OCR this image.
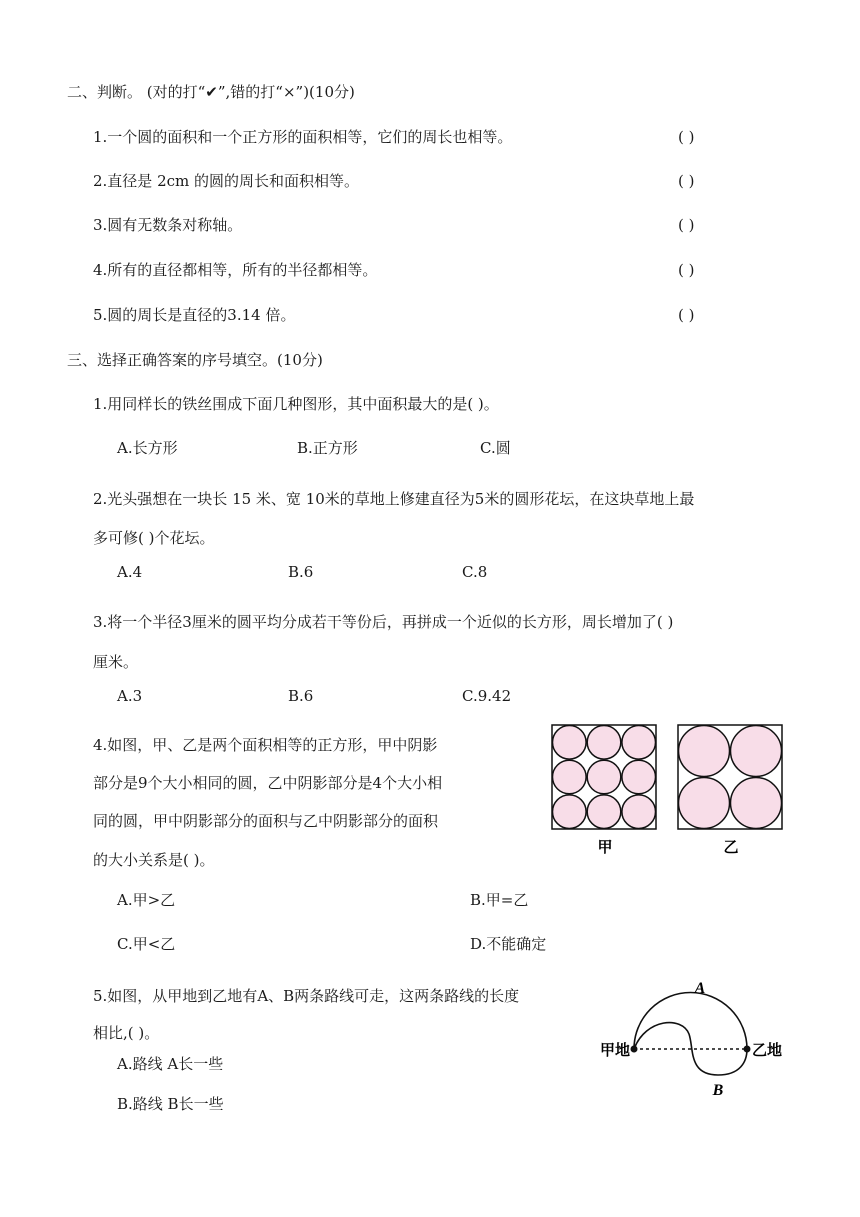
二、判断。 (对的打“✔”,错的打“×”)(10分)
1.一个圆的面积和一个正方形的面积相等，它们的周长也相等。	( )
2.直径是 2cm 的圆的周长和面积相等。	( )
3.圆有无数条对称轴。	( )
4.所有的直径都相等，所有的半径都相等。	( )
5.圆的周长是直径的3.14 倍。	( )
三、选择正确答案的序号填空。(10分)
1.用同样长的铁丝围成下面几种图形，其中面积最大的是( )。
A.长方形	B.正方形	C.圆
2.光头强想在一块长 15 米、宽 10米的草地上修建直径为5米的圆形花坛，在这块草地上最
多可修( )个花坛。
A.4	B.6	C.8
3.将一个半径3厘米的圆平均分成若干等份后，再拼成一个近似的长方形，周长增加了( )
厘米。
A.3	B.6	C.9.42
4.如图，甲、乙是两个面积相等的正方形，甲中阴影
部分是9个大小相同的圆，乙中阴影部分是4个大小相
同的圆，甲中阴影部分的面积与乙中阴影部分的面积
的大小关系是( )。
A.甲>乙	B.甲=乙
C.甲<乙	D.不能确定
甲	乙
5.如图，从甲地到乙地有A、B两条路线可走，这两条路线的长度
相比,( )。
A.路线 A长一些
B.路线 B长一些
甲地	乙地
A
B
